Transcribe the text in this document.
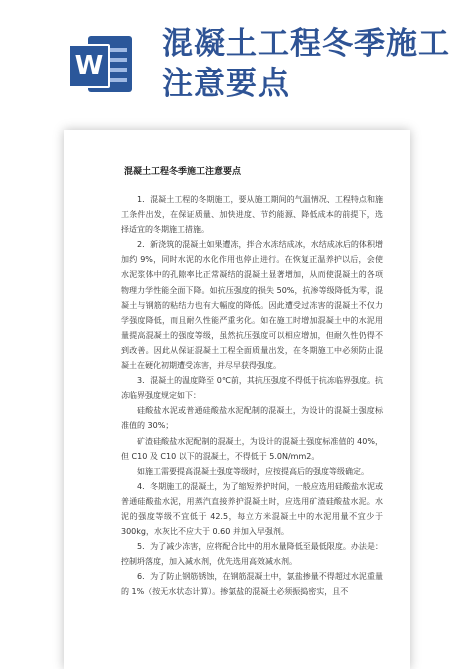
W
混凝土工程冬季施工注意要点
混凝土工程冬季施工注意要点

1．混凝土工程的冬期施工，要从施工期间的气温情况、工程特点和施工条件出发，在保证质量、加快进度、节约能源、降低成本的前提下，选择适宜的冬期施工措施。

2．新浇筑的混凝土如果遭冻，拌合水冻结成冰，水结成冰后的体积增加约 9%，同时水泥的水化作用也停止进行。在恢复正温养护以后，会使水泥浆体中的孔隙率比正常凝结的混凝土显著增加，从而使混凝土的各项物理力学性能全面下降。如抗压强度的损失 50%，抗渗等级降低为零，混凝土与钢筋的粘结力也有大幅度的降低。因此遭受过冻害的混凝土不仅力学强度降低，而且耐久性能严重劣化。如在施工时增加混凝土中的水泥用量提高混凝土的强度等级，虽然抗压强度可以相应增加，但耐久性仍得不到改善。因此从保证混凝土工程全面质量出发，在冬期施工中必须防止混凝土在硬化初期遭受冻害，并尽早获得强度。

3．混凝土的温度降至 0℃前，其抗压强度不得低于抗冻临界强度。抗冻临界强度规定如下：

硅酸盐水泥或普通硅酸盐水泥配制的混凝土，为设计的混凝土强度标准值的 30%；

矿渣硅酸盐水泥配制的混凝土，为设计的混凝土强度标准值的 40%，但 C10 及 C10 以下的混凝土，不得低于 5.0N/mm2。

如施工需要提高混凝土强度等级时，应按提高后的强度等级确定。

4．冬期施工的混凝土，为了缩短养护时间，一般应选用硅酸盐水泥或普通硅酸盐水泥，用蒸汽直接养护混凝土时，应选用矿渣硅酸盐水泥。水泥的强度等级不宜低于 42.5，每立方米混凝土中的水泥用量不宜少于 300kg，水灰比不应大于 0.60 并加入早强剂。

5．为了减少冻害，应将配合比中的用水量降低至最低限度。办法是：控制坍落度，加入减水剂，优先选用高效减水剂。

6．为了防止钢筋锈蚀，在钢筋混凝土中，氯盐掺量不得超过水泥重量的 1%（按无水状态计算）。掺氯盐的混凝土必须振捣密实，且不
